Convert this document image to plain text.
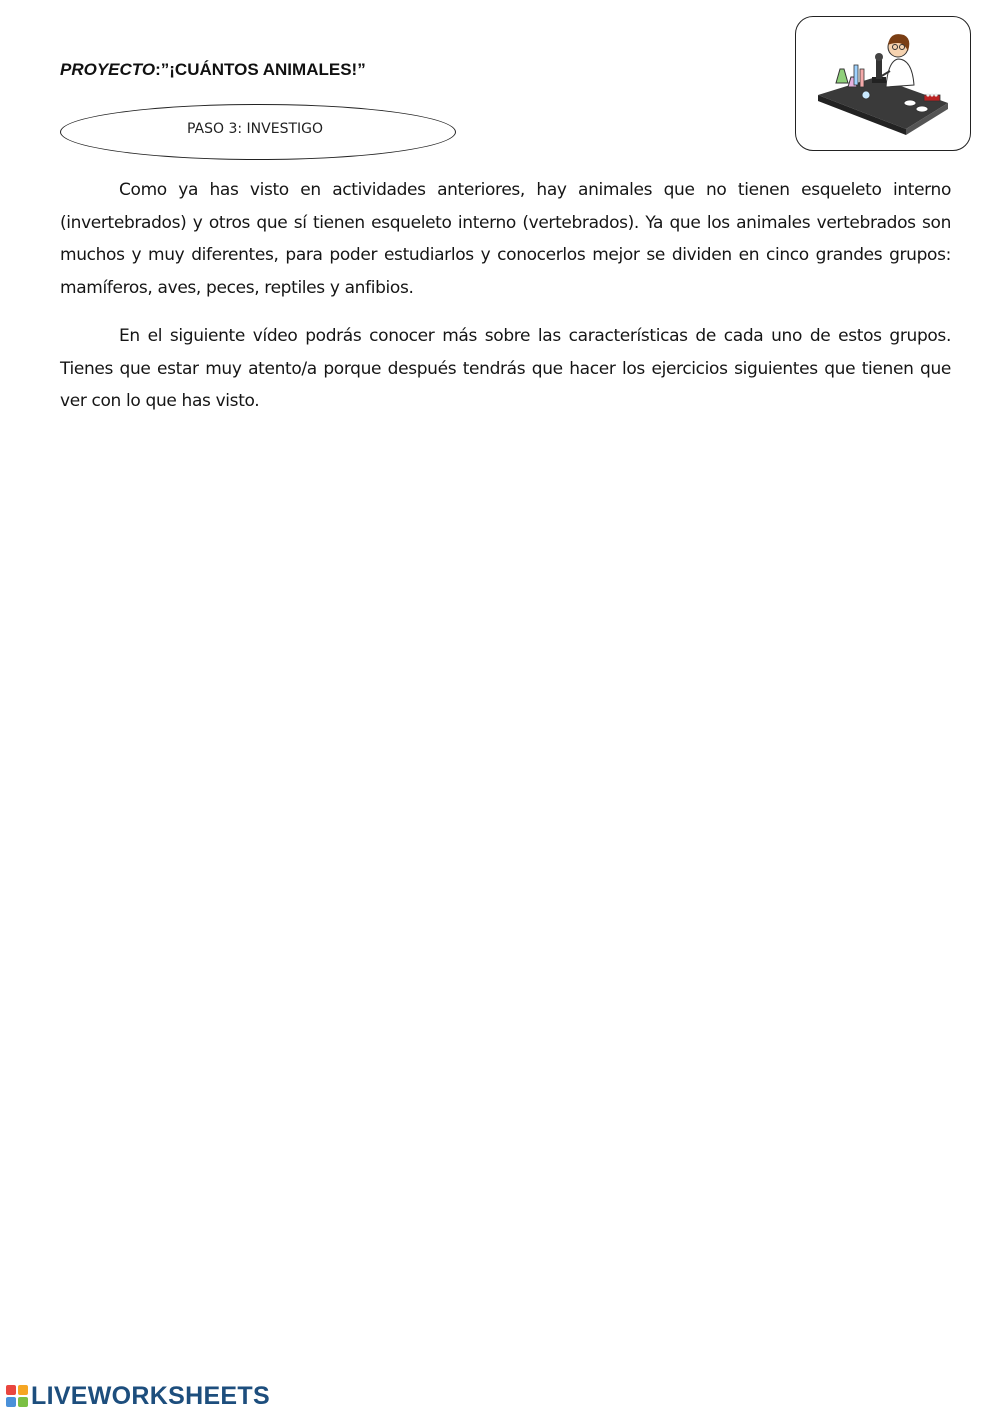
PROYECTO:”¡CUÁNTOS ANIMALES!”
PASO 3: INVESTIGO

Como ya has visto en actividades anteriores, hay animales que no tienen esqueleto interno (invertebrados) y otros que sí tienen esqueleto interno (vertebrados). Ya que los animales vertebrados son muchos y muy diferentes, para poder estudiarlos y conocerlos mejor se dividen en cinco grandes grupos: mamíferos, aves, peces, reptiles y anfibios.

En el siguiente vídeo podrás conocer más sobre las características de cada uno de estos grupos. Tienes que estar muy atento/a porque después tendrás que hacer los ejercicios siguientes que tienen que ver con lo que has visto.

LIVEWORKSHEETS
